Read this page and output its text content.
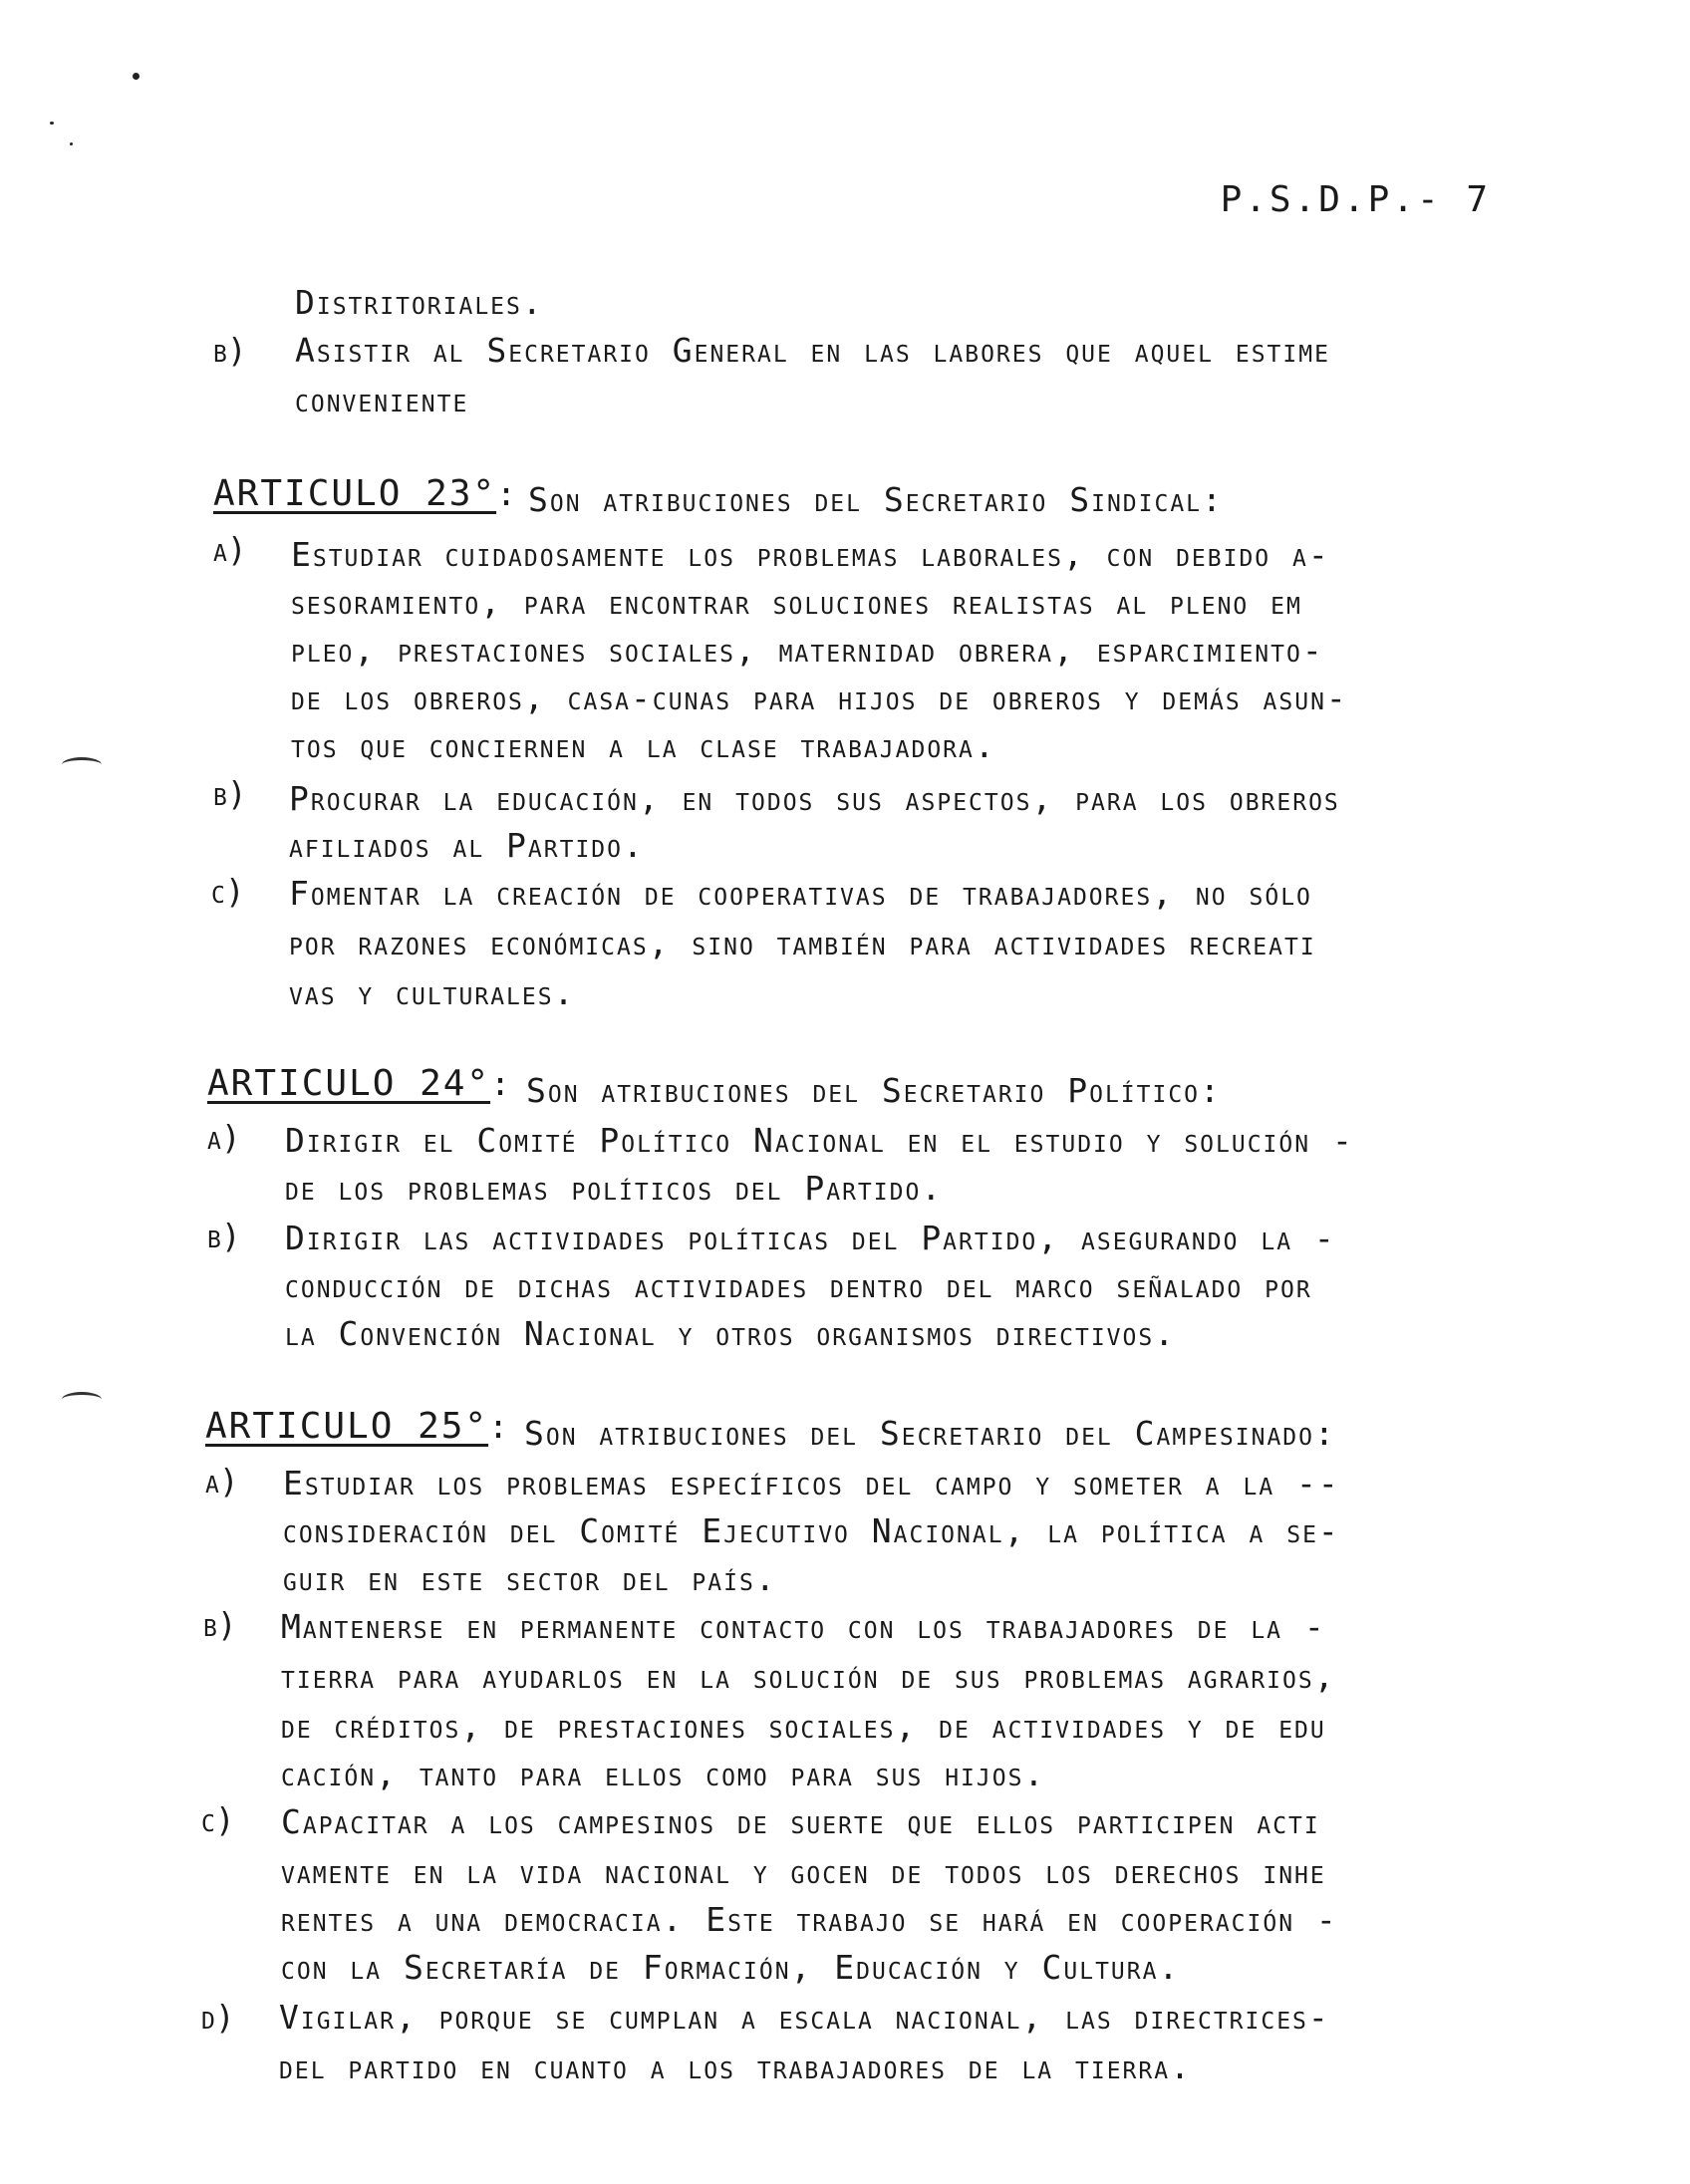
P.S.D.P.- 7
Distritoriales.
b) Asistir al Secretario General en las labores que aquel estime
conveniente
ARTICULO 23°: Son atribuciones del Secretario Sindical:
a) Estudiar cuidadosamente los problemas laborales, con debido a-
sesoramiento, para encontrar soluciones realistas al pleno em
pleo, prestaciones sociales, maternidad obrera, esparcimiento-
de los obreros, casa-cunas para hijos de obreros y demás asun-
tos que conciernen a la clase trabajadora.
b) Procurar la educación, en todos sus aspectos, para los obreros
afiliados al Partido.
c) Fomentar la creación de cooperativas de trabajadores, no sólo
por razones económicas, sino también para actividades recreati
vas y culturales.
ARTICULO 24°: Son atribuciones del Secretario Político:
a) Dirigir el Comité Político Nacional en el estudio y solución -
de los problemas políticos del Partido.
b) Dirigir las actividades políticas del Partido, asegurando la -
conducción de dichas actividades dentro del marco señalado por
la Convención Nacional y otros organismos directivos.
ARTICULO 25°: Son atribuciones del Secretario del Campesinado:
a) Estudiar los problemas específicos del campo y someter a la --
consideración del Comité Ejecutivo Nacional, la política a se-
guir en este sector del país.
b) Mantenerse en permanente contacto con los trabajadores de la -
tierra para ayudarlos en la solución de sus problemas agrarios,
de créditos, de prestaciones sociales, de actividades y de edu
cación, tanto para ellos como para sus hijos.
c) Capacitar a los campesinos de suerte que ellos participen acti
vamente en la vida nacional y gocen de todos los derechos inhe
rentes a una democracia. Este trabajo se hará en cooperación -
con la Secretaría de Formación, Educación y Cultura.
d) Vigilar, porque se cumplan a escala nacional, las directrices-
del partido en cuanto a los trabajadores de la tierra.
